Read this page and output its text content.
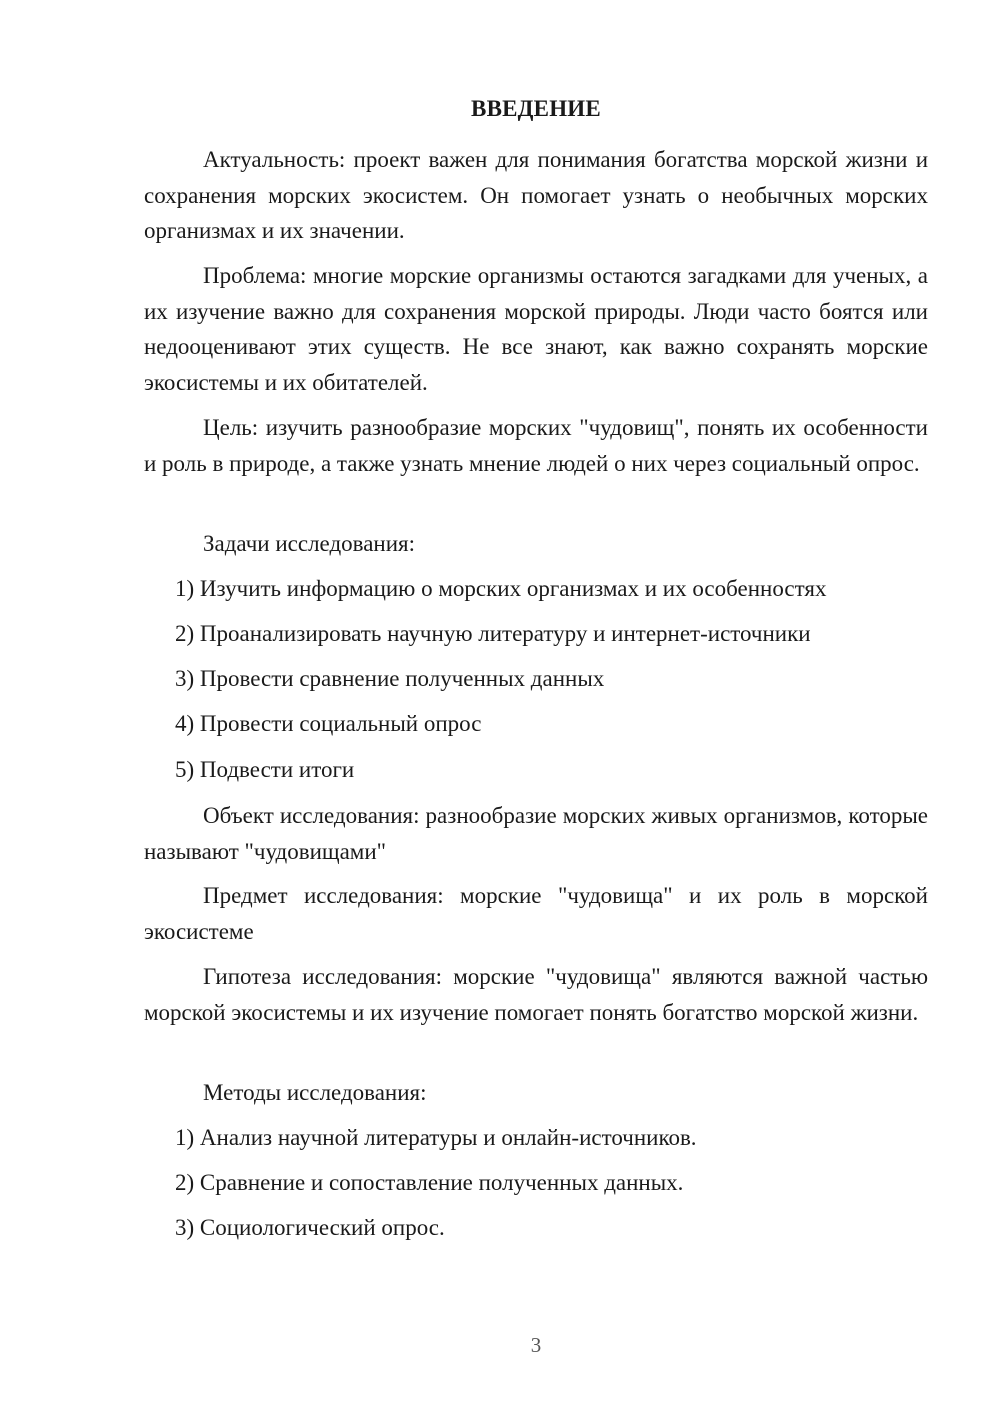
ВВЕДЕНИЕ

Актуальность: проект важен для понимания богатства морской жизни и сохранения морских экосистем. Он помогает узнать о необычных морских организмах и их значении.

Проблема: многие морские организмы остаются загадками для ученых, а их изучение важно для сохранения морской природы. Люди часто боятся или недооценивают этих существ. Не все знают, как важно сохранять морские экосистемы и их обитателей.

Цель: изучить разнообразие морских "чудовищ", понять их особенности и роль в природе, а также узнать мнение людей о них через социальный опрос.

Задачи исследования:

1) Изучить информацию о морских организмах и их особенностях

2) Проанализировать научную литературу и интернет-источники

3) Провести сравнение полученных данных

4) Провести социальный опрос

5) Подвести итоги

Объект исследования: разнообразие морских живых организмов, которые называют "чудовищами"

Предмет исследования: морские "чудовища" и их роль в морской экосистеме

Гипотеза исследования: морские "чудовища" являются важной частью морской экосистемы и их изучение помогает понять богатство морской жизни.

Методы исследования:

1) Анализ научной литературы и онлайн-источников.

2) Сравнение и сопоставление полученных данных.

3) Социологический опрос.

3
